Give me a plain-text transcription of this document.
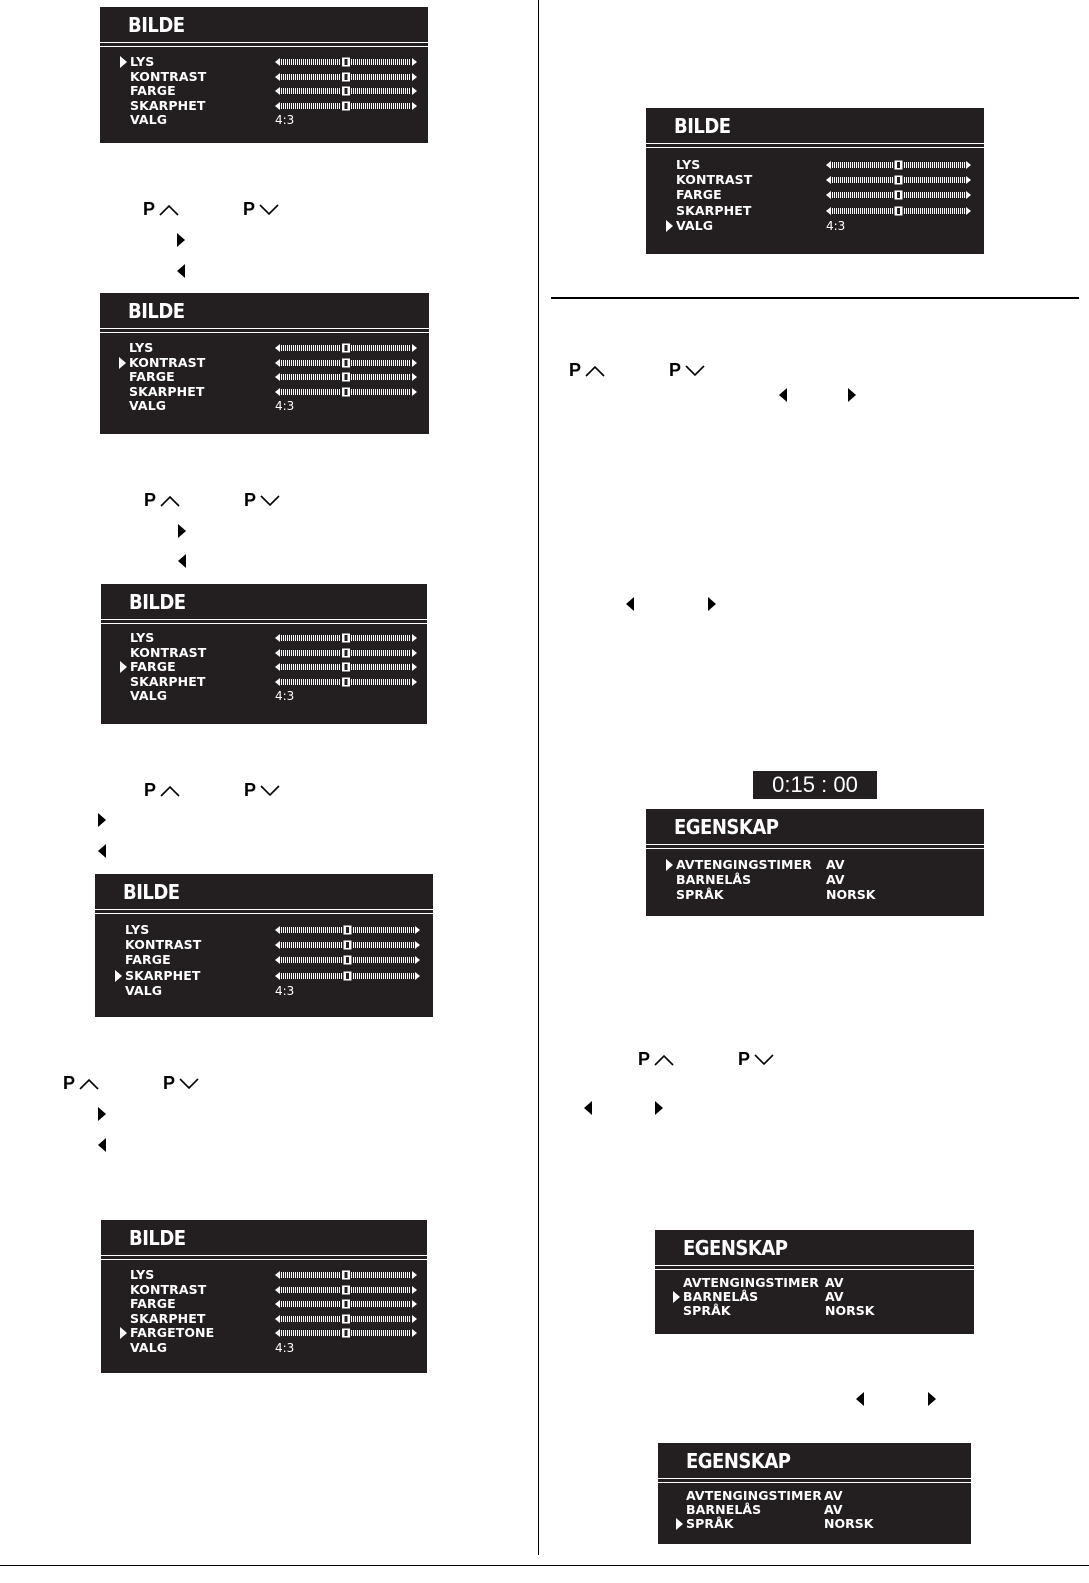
BILDE
LYS
KONTRAST
FARGE
SKARPHET
VALG	4:3
BILDE
LYS
KONTRAST
FARGE
SKARPHET
VALG	4:3
BILDE
LYS
KONTRAST
FARGE
SKARPHET
VALG	4:3
BILDE
LYS
KONTRAST
FARGE
SKARPHET
VALG	4:3
BILDE
LYS
KONTRAST
FARGE
SKARPHET
FARGETONE
VALG	4:3
BILDE
LYS
KONTRAST
FARGE
SKARPHET
VALG	4:3
0:15 : 00
EGENSKAP
AVTENGINGSTIMER AV
BARNELÅS	AV
SPRÅK	NORSK
EGENSKAP
AVTENGINGSTIMER AV
BARNELÅS	AV
SPRÅK	NORSK
EGENSKAP
AVTENGINGSTIMER AV
BARNELÅS	AV
SPRÅK	NORSK
P	P
P	P
P	P
P	P
P	P
P	P
